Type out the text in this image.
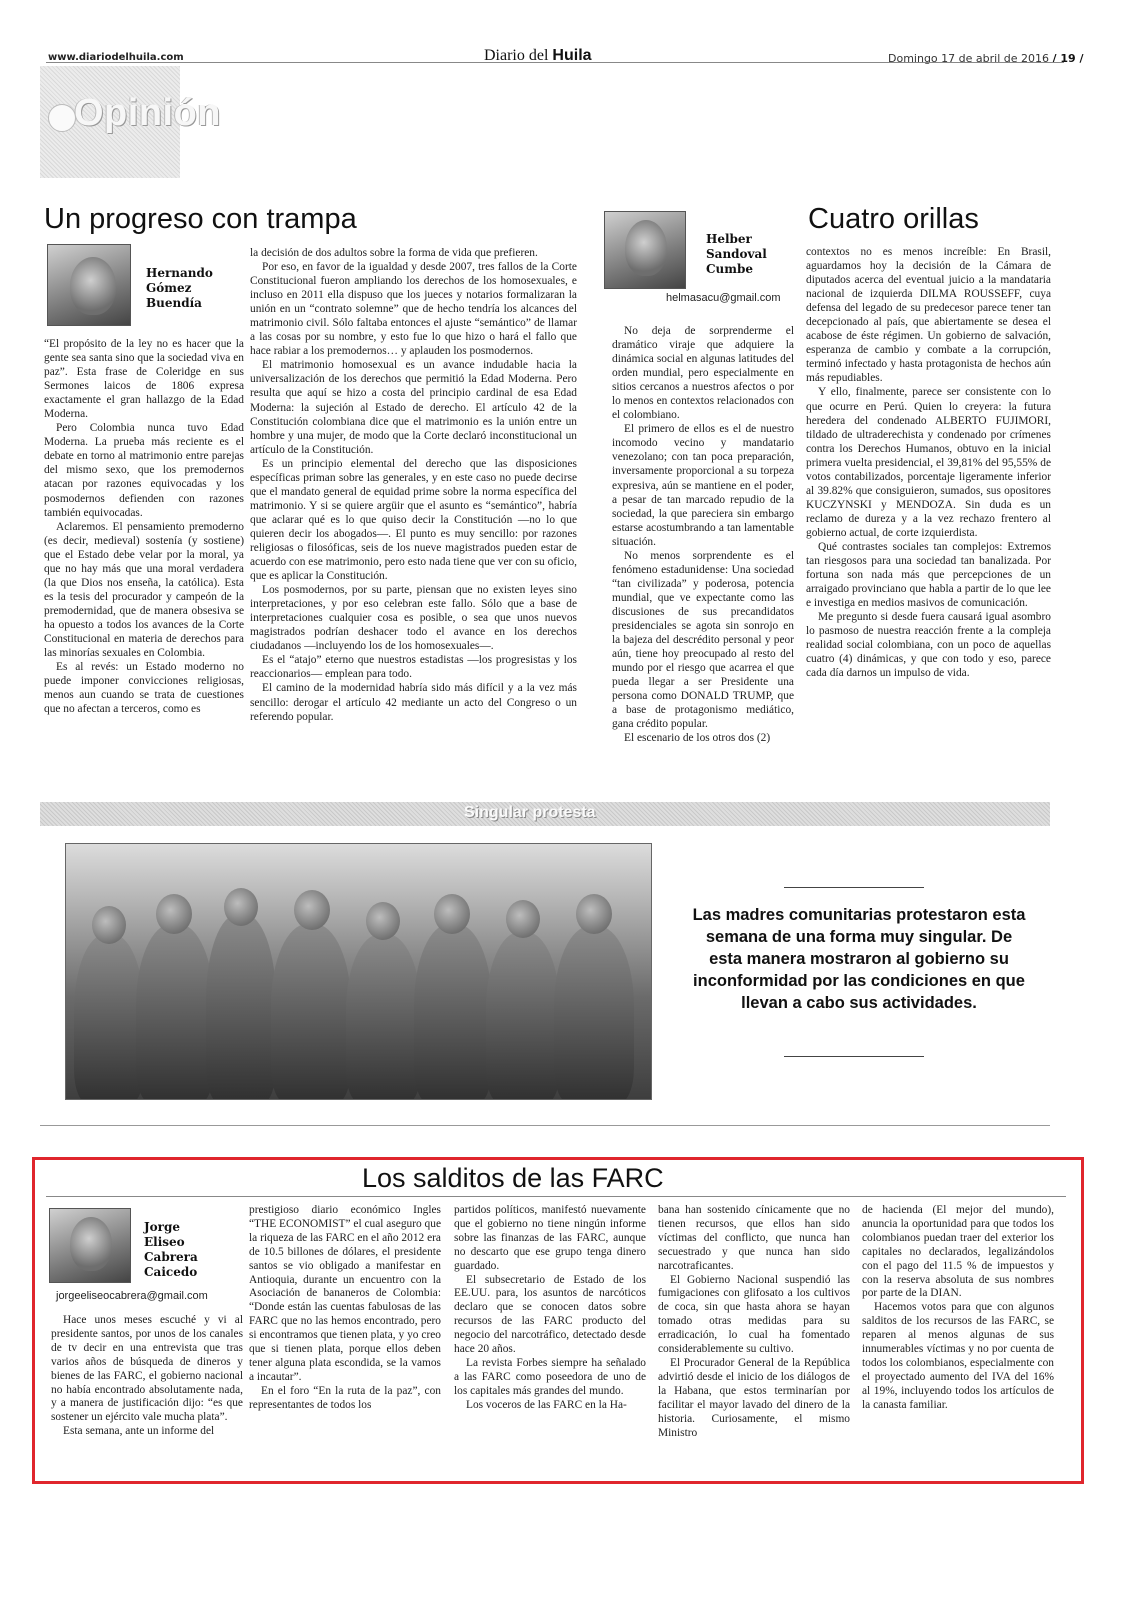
www.diariodelhuila.com	Diario del Huila	Domingo 17 de abril de 2016 / 19 /
Opinión
Un progreso con trampa
Hernando
Gómez
Buendía

“El propósito de la ley no es hacer que la gente sea santa sino que la sociedad viva en paz”. Esta frase de Coleridge en sus Sermones laicos de 1806 expresa exactamente el gran hallazgo de la Edad Moderna.

Pero Colombia nunca tuvo Edad Moderna. La prueba más reciente es el debate en torno al matrimonio entre parejas del mismo sexo, que los premodernos atacan por razones equivocadas y los posmodernos defienden con razones también equivocadas.

Aclaremos. El pensamiento premoderno (es decir, medieval) sostenía (y sostiene) que el Estado debe velar por la moral, ya que no hay más que una moral verdadera (la que Dios nos enseña, la católica). Esta es la tesis del procurador y campeón de la premodernidad, que de manera obsesiva se ha opuesto a todos los avances de la Corte Constitucional en materia de derechos para las minorías sexuales en Colombia.

Es al revés: un Estado moderno no puede imponer convicciones religiosas, menos aun cuando se trata de cuestiones que no afectan a terceros, como es

la decisión de dos adultos sobre la forma de vida que prefieren.

Por eso, en favor de la igualdad y desde 2007, tres fallos de la Corte Constitucional fueron ampliando los derechos de los homosexuales, e incluso en 2011 ella dispuso que los jueces y notarios formalizaran la unión en un “contrato solemne” que de hecho tendría los alcances del matrimonio civil. Sólo faltaba entonces el ajuste “semántico” de llamar a las cosas por su nombre, y esto fue lo que hizo o hará el fallo que hace rabiar a los premodernos… y aplauden los posmodernos.

El matrimonio homosexual es un avance indudable hacia la universalización de los derechos que permitió la Edad Moderna. Pero resulta que aquí se hizo a costa del principio cardinal de esa Edad Moderna: la sujeción al Estado de derecho. El artículo 42 de la Constitución colombiana dice que el matrimonio es la unión entre un hombre y una mujer, de modo que la Corte declaró inconstitucional un artículo de la Constitución.

Es un principio elemental del derecho que las disposiciones específicas priman sobre las generales, y en este caso no puede decirse que el mandato general de equidad prime sobre la norma específica del matrimonio. Y si se quiere argüir que el asunto es “semántico”, habría que aclarar qué es lo que quiso decir la Constitución —no lo que quieren decir los abogados—. El punto es muy sencillo: por razones religiosas o filosóficas, seis de los nueve magistrados pueden estar de acuerdo con ese matrimonio, pero esto nada tiene que ver con su oficio, que es aplicar la Constitución.

Los posmodernos, por su parte, piensan que no existen leyes sino interpretaciones, y por eso celebran este fallo. Sólo que a base de interpretaciones cualquier cosa es posible, o sea que unos nuevos magistrados podrían deshacer todo el avance en los derechos ciudadanos —incluyendo los de los homosexuales—.

Es el “atajo” eterno que nuestros estadistas —los progresistas y los reaccionarios— emplean para todo.

El camino de la modernidad habría sido más difícil y a la vez más sencillo: derogar el artículo 42 mediante un acto del Congreso o un referendo popular.

Cuatro orillas
Helber
Sandoval
Cumbe
helmasacu@gmail.com

No deja de sorprenderme el dramático viraje que adquiere la dinámica social en algunas latitudes del orden mundial, pero especialmente en sitios cercanos a nuestros afectos o por lo menos en contextos relacionados con el colombiano.

El primero de ellos es el de nuestro incomodo vecino y mandatario venezolano; con tan poca preparación, inversamente proporcional a su torpeza expresiva, aún se mantiene en el poder, a pesar de tan marcado repudio de la sociedad, la que pareciera sin embargo estarse acostumbrando a tan lamentable situación.

No menos sorprendente es el fenómeno estadunidense: Una sociedad “tan civilizada” y poderosa, potencia mundial, que ve expectante como las discusiones de sus precandidatos presidenciales se agota sin sonrojo en la bajeza del descrédito personal y peor aún, tiene hoy preocupado al resto del mundo por el riesgo que acarrea el que pueda llegar a ser Presidente una persona como DONALD TRUMP, que a base de protagonismo mediático, gana crédito popular.

El escenario de los otros dos (2)

contextos no es menos increíble: En Brasil, aguardamos hoy la decisión de la Cámara de diputados acerca del eventual juicio a la mandataria nacional de izquierda DILMA ROUSSEFF, cuya defensa del legado de su predecesor parece tener tan decepcionado al país, que abiertamente se desea el acabose de éste régimen. Un gobierno de salvación, esperanza de cambio y combate a la corrupción, terminó infectado y hasta protagonista de hechos aún más repudiables.

Y ello, finalmente, parece ser consistente con lo que ocurre en Perú. Quien lo creyera: la futura heredera del condenado ALBERTO FUJIMORI, tildado de ultraderechista y condenado por crímenes contra los Derechos Humanos, obtuvo en la inicial primera vuelta presidencial, el 39,81% del 95,55% de votos contabilizados, porcentaje ligeramente inferior al 39.82% que consiguieron, sumados, sus opositores KUCZYNSKI y MENDOZA. Sin duda es un reclamo de dureza y a la vez rechazo frentero al gobierno actual, de corte izquierdista.

Qué contrastes sociales tan complejos: Extremos tan riesgosos para una sociedad tan banalizada. Por fortuna son nada más que percepciones de un arraigado provinciano que habla a partir de lo que lee e investiga en medios masivos de comunicación.

Me pregunto si desde fuera causará igual asombro lo pasmoso de nuestra reacción frente a la compleja realidad social colombiana, con un poco de aquellas cuatro (4) dinámicas, y que con todo y eso, parece cada día darnos un impulso de vida.

Singular protesta
Las madres comunitarias protestaron esta semana de una forma muy singular. De esta manera mostraron al gobierno su inconformidad por las condiciones en que llevan a cabo sus actividades.
Los salditos de las FARC
Jorge
Eliseo
Cabrera
Caicedo
jorgeeliseocabrera@gmail.com

Hace unos meses escuché y vi al presidente santos, por unos de los canales de tv decir en una entrevista que tras varios años de búsqueda de dineros y bienes de las FARC, el gobierno nacional no había encontrado absolutamente nada, y a manera de justificación dijo: “es que sostener un ejército vale mucha plata”.

Esta semana, ante un informe del

prestigioso diario económico Ingles “THE ECONOMIST” el cual aseguro que la riqueza de las FARC en el año 2012 era de 10.5 billones de dólares, el presidente santos se vio obligado a manifestar en Antioquia, durante un encuentro con la Asociación de bananeros de Colombia: “Donde están las cuentas fabulosas de las FARC que no las hemos encontrado, pero si encontramos que tienen plata, y yo creo que si tienen plata, porque ellos deben tener alguna plata escondida, se la vamos a incautar”.

En el foro “En la ruta de la paz”, con representantes de todos los

partidos políticos, manifestó nuevamente que el gobierno no tiene ningún informe sobre las finanzas de las FARC, aunque no descarto que ese grupo tenga dinero guardado.

El subsecretario de Estado de los EE.UU. para, los asuntos de narcóticos declaro que se conocen datos sobre recursos de las FARC producto del negocio del narcotráfico, detectado desde hace 20 años.

La revista Forbes siempre ha señalado a las FARC como poseedora de uno de los capitales más grandes del mundo.

Los voceros de las FARC en la Ha-

bana han sostenido cínicamente que no tienen recursos, que ellos han sido víctimas del conflicto, que nunca han secuestrado y que nunca han sido narcotraficantes.

El Gobierno Nacional suspendió las fumigaciones con glifosato a los cultivos de coca, sin que hasta ahora se hayan tomado otras medidas para su erradicación, lo cual ha fomentado considerablemente su cultivo.

El Procurador General de la República advirtió desde el inicio de los diálogos de la Habana, que estos terminarían por facilitar el mayor lavado del dinero de la historia. Curiosamente, el mismo Ministro

de hacienda (El mejor del mundo), anuncia la oportunidad para que todos los colombianos puedan traer del exterior los capitales no declarados, legalizándolos con el pago del 11.5 % de impuestos y con la reserva absoluta de sus nombres por parte de la DIAN.

Hacemos votos para que con algunos salditos de los recursos de las FARC, se reparen al menos algunas de sus innumerables víctimas y no por cuenta de todos los colombianos, especialmente con el proyectado aumento del IVA del 16% al 19%, incluyendo todos los artículos de la canasta familiar.
